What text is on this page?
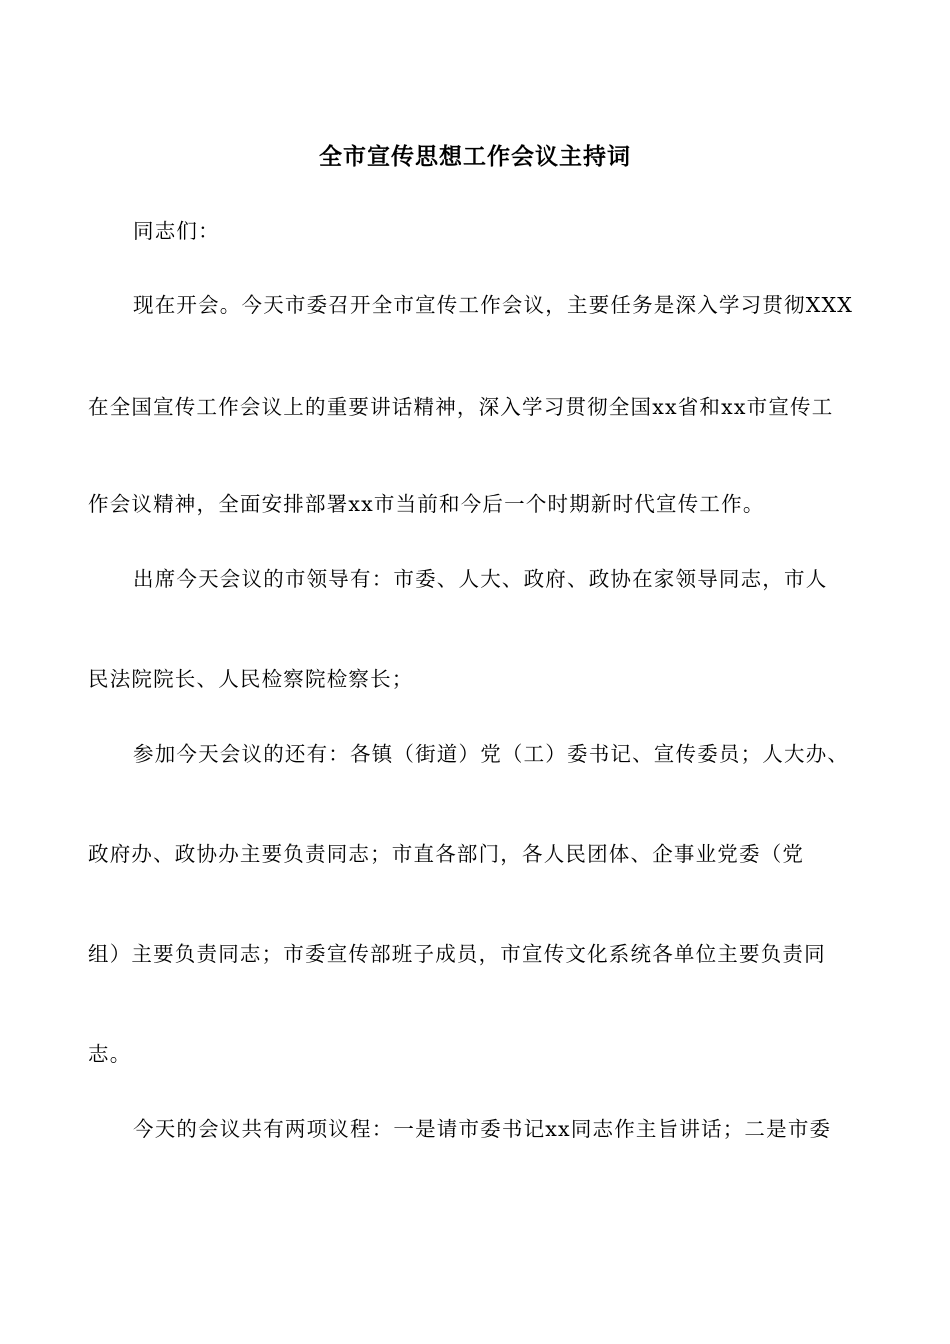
全市宣传思想工作会议主持词
同志们：
现在开会。今天市委召开全市宣传工作会议，主要任务是深入学习贯彻XXX
在全国宣传工作会议上的重要讲话精神，深入学习贯彻全国xx省和xx市宣传工
作会议精神，全面安排部署xx市当前和今后一个时期新时代宣传工作。
出席今天会议的市领导有：市委、人大、政府、政协在家领导同志，市人
民法院院长、人民检察院检察长；
参加今天会议的还有：各镇（街道）党（工）委书记、宣传委员；人大办、
政府办、政协办主要负责同志；市直各部门，各人民团体、企事业党委（党
组）主要负责同志；市委宣传部班子成员，市宣传文化系统各单位主要负责同
志。
今天的会议共有两项议程：一是请市委书记xx同志作主旨讲话；二是市委
